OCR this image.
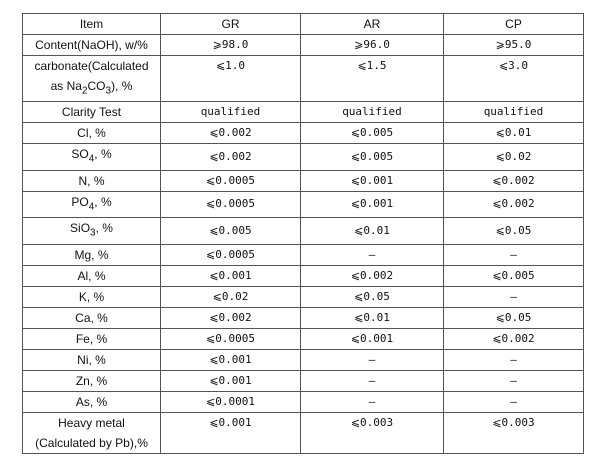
Item	GR	AR	CP
Content(NaOH), w/%	⩾98.0	⩾96.0	⩾95.0

carbonate(Calculated
as $Na_2CO_3$), %	⩽1.0	⩽1.5	⩽3.0
Clarity Test	qualified	qualified	qualified
Cl, %	⩽0.002	⩽0.005	⩽0.01
$SO_4$, %	⩽0.002	⩽0.005	⩽0.02
N, %	⩽0.0005	⩽0.001	⩽0.002
$PO_4$, %	⩽0.0005	⩽0.001	⩽0.002
SiO$_3$, %	⩽0.005	⩽0.01	⩽0.05
Mg, %	⩽0.0005	—	—
Al, %	⩽0.001	⩽0.002	⩽0.005
K, %	⩽0.02	⩽0.05	—
Ca, %	⩽0.002	⩽0.01	⩽0.05
Fe, %	⩽0.0005	⩽0.001	⩽0.002
Ni, %	⩽0.001	—	—
Zn, %	⩽0.001	—	—
As, %	⩽0.0001	—	—

Heavy metal
(Calculated by Pb),%	⩽0.001	⩽0.003	⩽0.003
